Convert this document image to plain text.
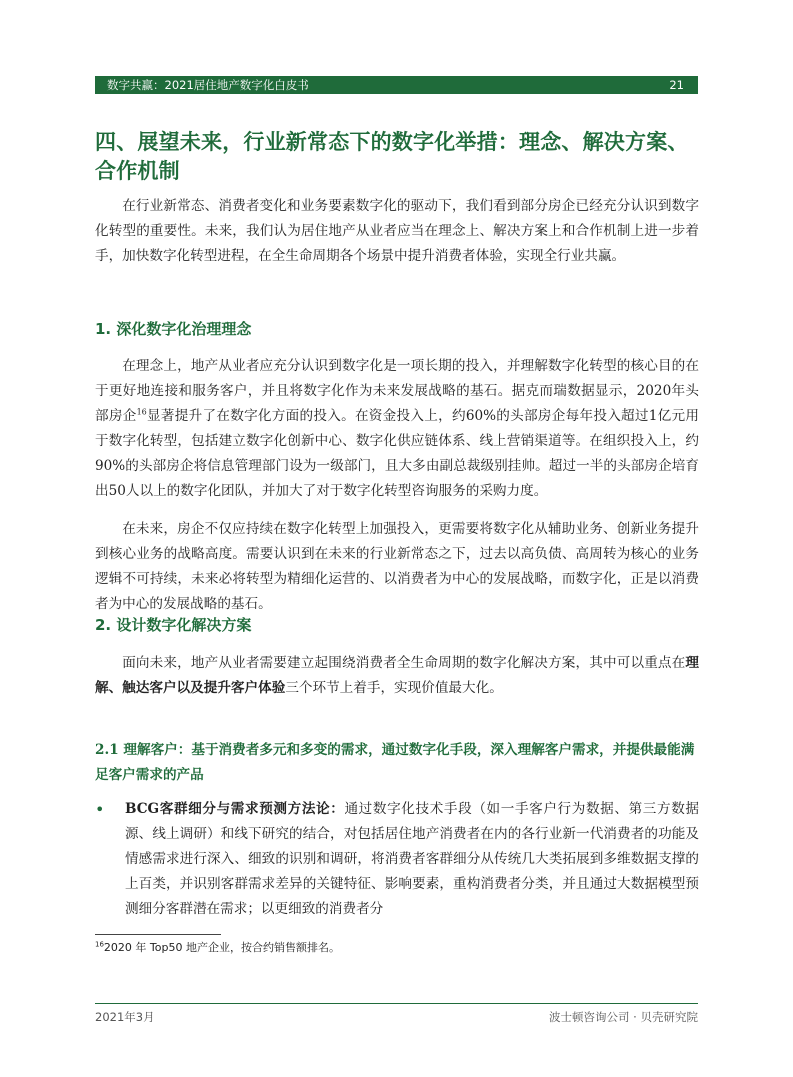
数字共赢：2021居住地产数字化白皮书	21
四、展望未来，行业新常态下的数字化举措：理念、解决方案、合作机制
在行业新常态、消费者变化和业务要素数字化的驱动下，我们看到部分房企已经充分认识到数字化转型的重要性。未来，我们认为居住地产从业者应当在理念上、解决方案上和合作机制上进一步着手，加快数字化转型进程，在全生命周期各个场景中提升消费者体验，实现全行业共赢。
1. 深化数字化治理理念
在理念上，地产从业者应充分认识到数字化是一项长期的投入，并理解数字化转型的核心目的在于更好地连接和服务客户，并且将数字化作为未来发展战略的基石。据克而瑞数据显示，2020年头部房企$^{16}$显著提升了在数字化方面的投入。在资金投入上，约60%的头部房企每年投入超过1亿元用于数字化转型，包括建立数字化创新中心、数字化供应链体系、线上营销渠道等。在组织投入上，约90%的头部房企将信息管理部门设为一级部门，且大多由副总裁级别挂帅。超过一半的头部房企培育出50人以上的数字化团队，并加大了对于数字化转型咨询服务的采购力度。
在未来，房企不仅应持续在数字化转型上加强投入，更需要将数字化从辅助业务、创新业务提升到核心业务的战略高度。需要认识到在未来的行业新常态之下，过去以高负债、高周转为核心的业务逻辑不可持续，未来必将转型为精细化运营的、以消费者为中心的发展战略，而数字化，正是以消费者为中心的发展战略的基石。
2. 设计数字化解决方案
面向未来，地产从业者需要建立起围绕消费者全生命周期的数字化解决方案，其中可以重点在理解、触达客户以及提升客户体验三个环节上着手，实现价值最大化。
2.1 理解客户：基于消费者多元和多变的需求，通过数字化手段，深入理解客户需求，并提供最能满足客户需求的产品
• BCG客群细分与需求预测方法论：通过数字化技术手段（如一手客户行为数据、第三方数据源、线上调研）和线下研究的结合，对包括居住地产消费者在内的各行业新一代消费者的功能及情感需求进行深入、细致的识别和调研，将消费者客群细分从传统几大类拓展到多维数据支撑的上百类，并识别客群需求差异的关键特征、影响要素，重构消费者分类，并且通过大数据模型预测细分客群潜在需求；以更细致的消费者分
$^{16}$2020 年 Top50 地产企业，按合约销售额排名。
2021年3月	波士顿咨询公司 · 贝壳研究院
